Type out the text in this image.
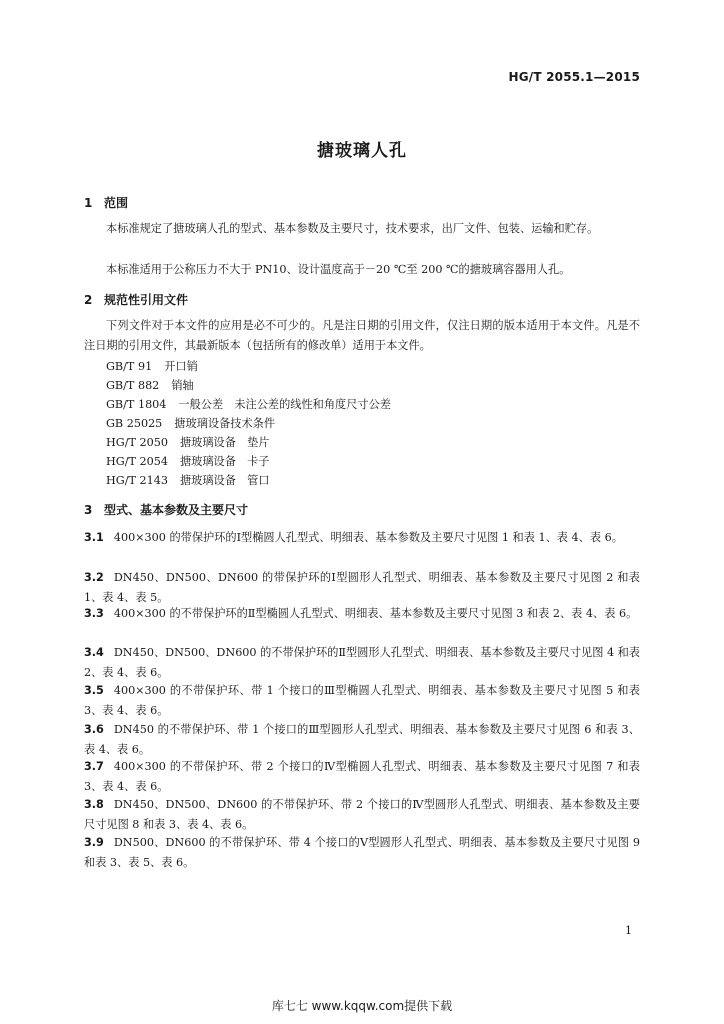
HG/T 2055.1—2015
搪玻璃人孔
1 范围
本标准规定了搪玻璃人孔的型式、基本参数及主要尺寸，技术要求，出厂文件、包装、运输和贮存。
本标准适用于公称压力不大于 PN10、设计温度高于－20 ℃至 200 ℃的搪玻璃容器用人孔。
2 规范性引用文件
下列文件对于本文件的应用是必不可少的。凡是注日期的引用文件，仅注日期的版本适用于本文件。凡是不注日期的引用文件，其最新版本（包括所有的修改单）适用于本文件。
GB/T 91 开口销
GB/T 882 销轴
GB/T 1804 一般公差　未注公差的线性和角度尺寸公差
GB 25025 搪玻璃设备技术条件
HG/T 2050 搪玻璃设备　垫片
HG/T 2054 搪玻璃设备　卡子
HG/T 2143 搪玻璃设备　管口
3 型式、基本参数及主要尺寸
3.1 400×300 的带保护环的Ⅰ型椭圆人孔型式、明细表、基本参数及主要尺寸见图 1 和表 1、表 4、表 6。
3.2 DN450、DN500、DN600 的带保护环的Ⅰ型圆形人孔型式、明细表、基本参数及主要尺寸见图 2 和表 1、表 4、表 5。
3.3 400×300 的不带保护环的Ⅱ型椭圆人孔型式、明细表、基本参数及主要尺寸见图 3 和表 2、表 4、表 6。
3.4 DN450、DN500、DN600 的不带保护环的Ⅱ型圆形人孔型式、明细表、基本参数及主要尺寸见图 4 和表 2、表 4、表 6。
3.5 400×300 的不带保护环、带 1 个接口的Ⅲ型椭圆人孔型式、明细表、基本参数及主要尺寸见图 5 和表 3、表 4、表 6。
3.6 DN450 的不带保护环、带 1 个接口的Ⅲ型圆形人孔型式、明细表、基本参数及主要尺寸见图 6 和表 3、表 4、表 6。
3.7 400×300 的不带保护环、带 2 个接口的Ⅳ型椭圆人孔型式、明细表、基本参数及主要尺寸见图 7 和表 3、表 4、表 6。
3.8 DN450、DN500、DN600 的不带保护环、带 2 个接口的Ⅳ型圆形人孔型式、明细表、基本参数及主要尺寸见图 8 和表 3、表 4、表 6。
3.9 DN500、DN600 的不带保护环、带 4 个接口的Ⅴ型圆形人孔型式、明细表、基本参数及主要尺寸见图 9 和表 3、表 5、表 6。
1
库七七 www.kqqw.com提供下载
